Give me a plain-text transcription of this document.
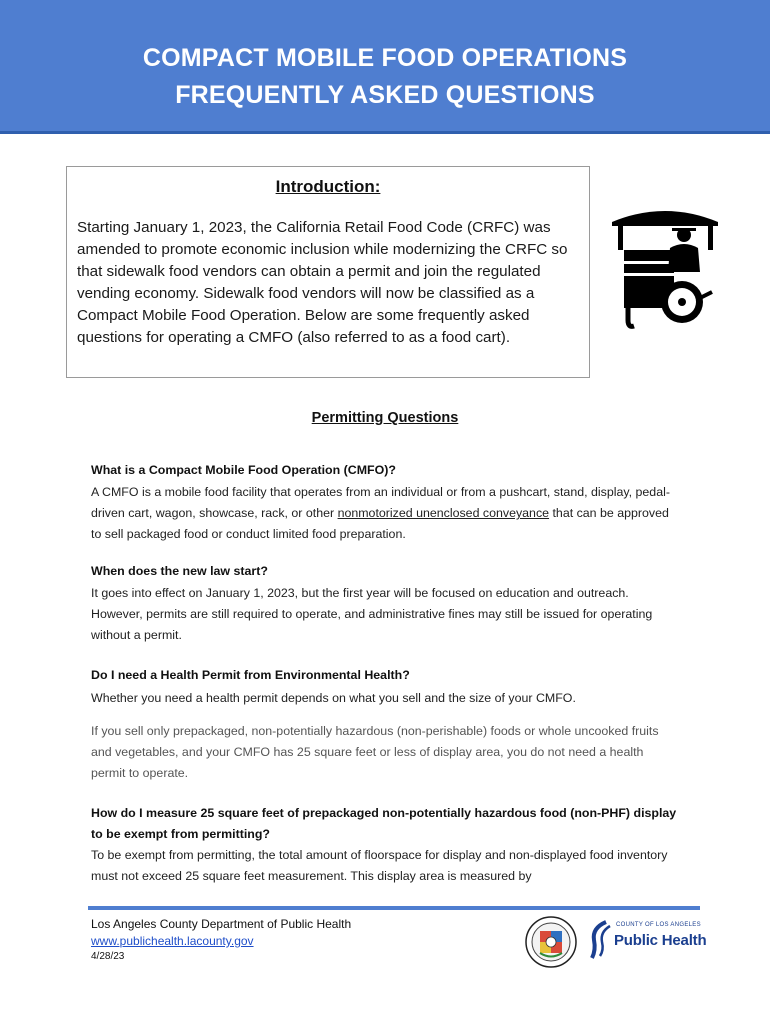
COMPACT MOBILE FOOD OPERATIONS
FREQUENTLY ASKED QUESTIONS
Introduction:
Starting January 1, 2023, the California Retail Food Code (CRFC) was amended to promote economic inclusion while modernizing the CRFC so that sidewalk food vendors can obtain a permit and join the regulated vending economy. Sidewalk food vendors will now be classified as a Compact Mobile Food Operation. Below are some frequently asked questions for operating a CMFO (also referred to as a food cart).
Permitting Questions
What is a Compact Mobile Food Operation (CMFO)?
A CMFO is a mobile food facility that operates from an individual or from a pushcart, stand, display, pedal-driven cart, wagon, showcase, rack, or other nonmotorized unenclosed conveyance that can be approved to sell packaged food or conduct limited food preparation.
When does the new law start?
It goes into effect on January 1, 2023, but the first year will be focused on education and outreach. However, permits are still required to operate, and administrative fines may still be issued for operating without a permit.
Do I need a Health Permit from Environmental Health?
Whether you need a health permit depends on what you sell and the size of your CMFO.
If you sell only prepackaged, non-potentially hazardous (non-perishable) foods or whole uncooked fruits and vegetables, and your CMFO has 25 square feet or less of display area, you do not need a health permit to operate.
How do I measure 25 square feet of prepackaged non-potentially hazardous food (non-PHF) display to be exempt from permitting?
To be exempt from permitting, the total amount of floorspace for display and non-displayed food inventory must not exceed 25 square feet measurement. This display area is measured by
Los Angeles County Department of Public Health
www.publichealth.lacounty.gov
4/28/23
COUNTY OF LOS ANGELES
Public Health
